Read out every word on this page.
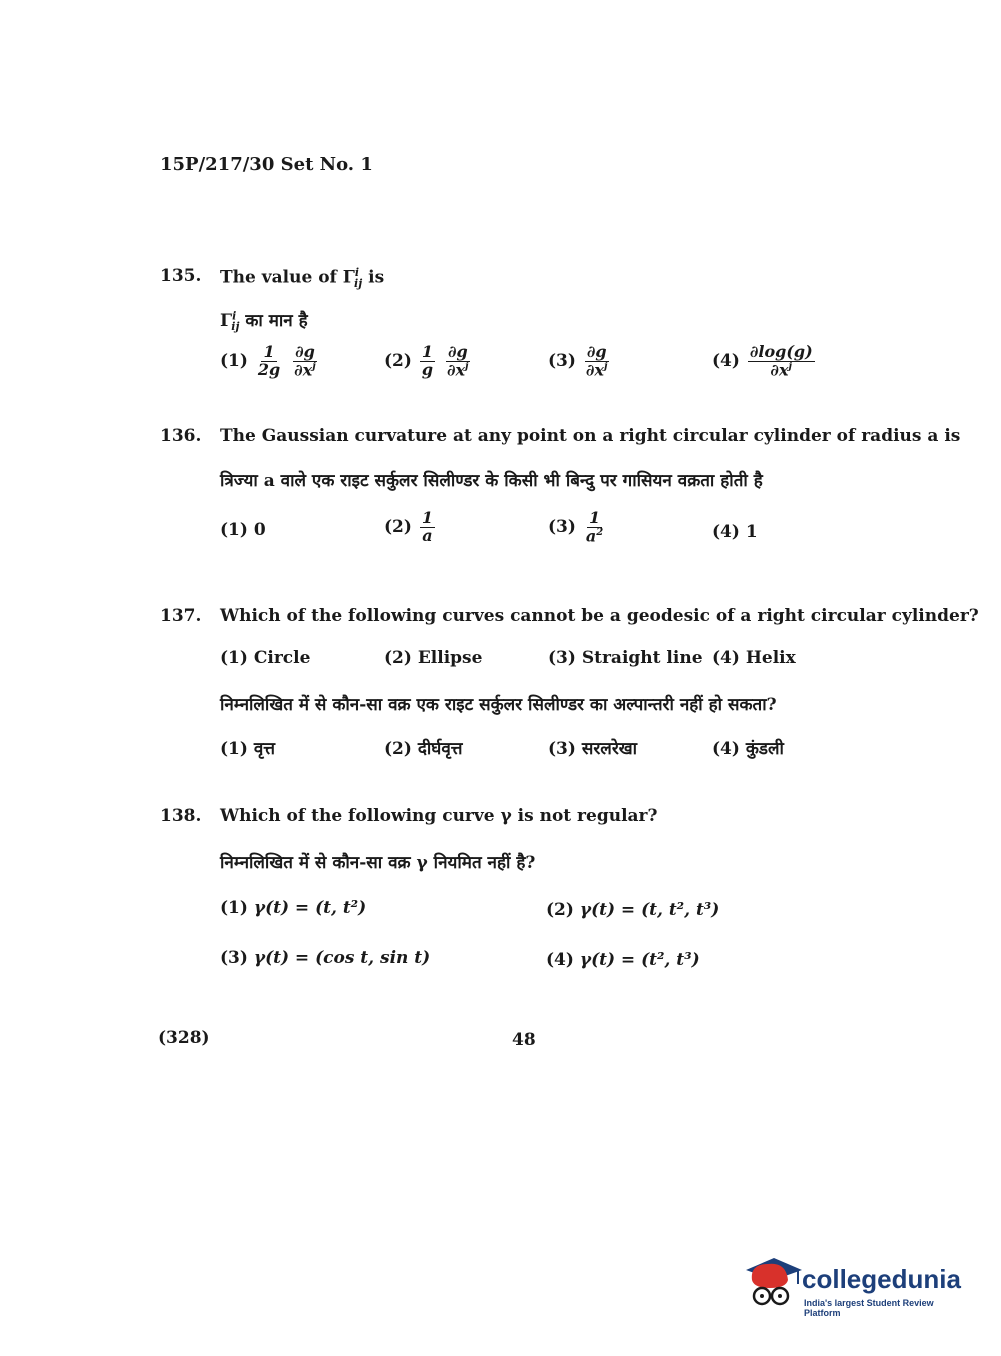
15P/217/30 Set No. 1
135. The value of $\Gamma^i_{ij}$ is
$\Gamma^i_{ij}$ का मान है
$(1) \frac{1}{2g}$
$\frac{\partial g}{\partial x^j}$	$(2) \frac{1}{g}$
$\frac{\partial g}{\partial x^j}$	$(3) \frac{\partial g}{\partial x^j}$	$(4) \frac{\partial\log(g)}{\partial x^j}$
136. The Gaussian curvature at any point on a right circular cylinder of radius a is
त्रिज्या a वाले एक राइट सर्कुलर सिलीण्डर के किसी भी बिन्दु पर गासियन वक्रता होती है
(1) 0	$(2) \frac{1}{a}$	$(3) \frac{1}{a^2}$	(4) 1
137. Which of the following curves cannot be a geodesic of a right circular cylinder?
(1) Circle	(2) Ellipse	(3) Straight line (4) Helix
निम्नलिखित में से कौन-सा वक्र एक राइट सर्कुलर सिलीण्डर का अल्पान्तरी नहीं हो सकता?
(1) वृत्त	(2) दीर्घवृत्त	(3) सरलरेखा	(4) कुंडली
138. Which of the following curve γ is not regular?
निम्नलिखित में से कौन-सा वक्र γ नियमित नहीं है?
(1) γ(t) = (t, t²)	(2) γ(t) = (t, t², t³)
(3) γ(t) = (cos t, sin t)	(4) γ(t) = (t², t³)
(328)	48
collegedunia
India's largest Student Review Platform
